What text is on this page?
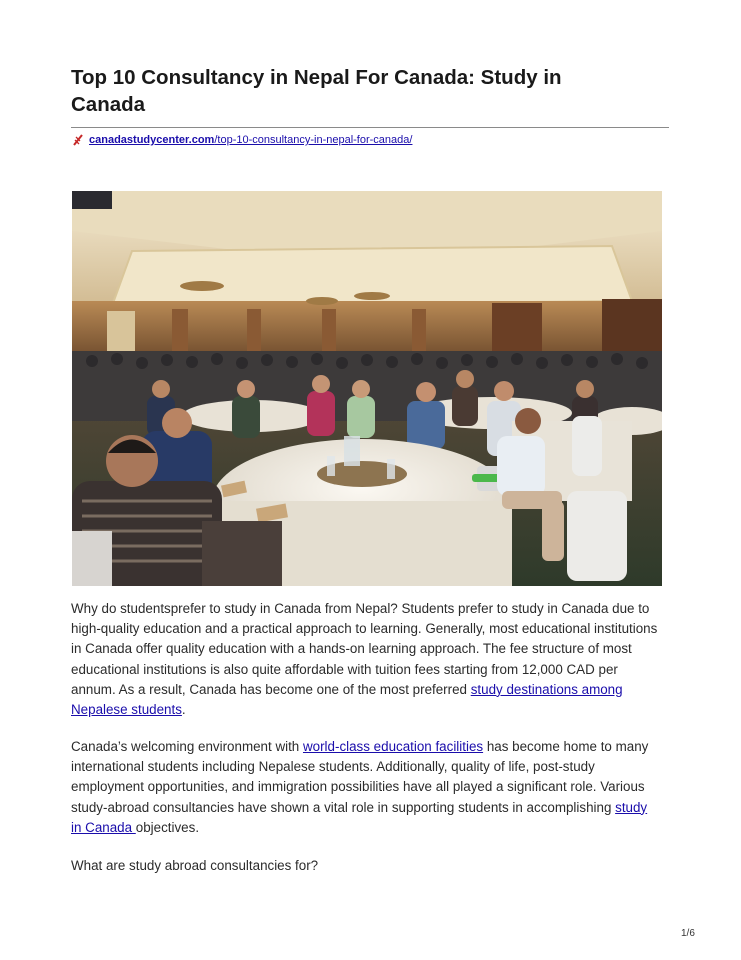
Top 10 Consultancy in Nepal For Canada: Study in Canada
canadastudycenter.com/top-10-consultancy-in-nepal-for-canada/

Why do studentsprefer to study in Canada from Nepal? Students prefer to study in Canada due to high-quality education and a practical approach to learning. Generally, most educational institutions in Canada offer quality education with a hands-on learning approach. The fee structure of most educational institutions is also quite affordable with tuition fees starting from 12,000 CAD per annum. As a result, Canada has become one of the most preferred study destinations among Nepalese students.

Canada’s welcoming environment with world-class education facilities has become home to many international students including Nepalese students. Additionally, quality of life, post-study employment opportunities, and immigration possibilities have all played a significant role. Various study-abroad consultancies have shown a vital role in supporting students in accomplishing study in Canada objectives.

What are study abroad consultancies for?

1/6
